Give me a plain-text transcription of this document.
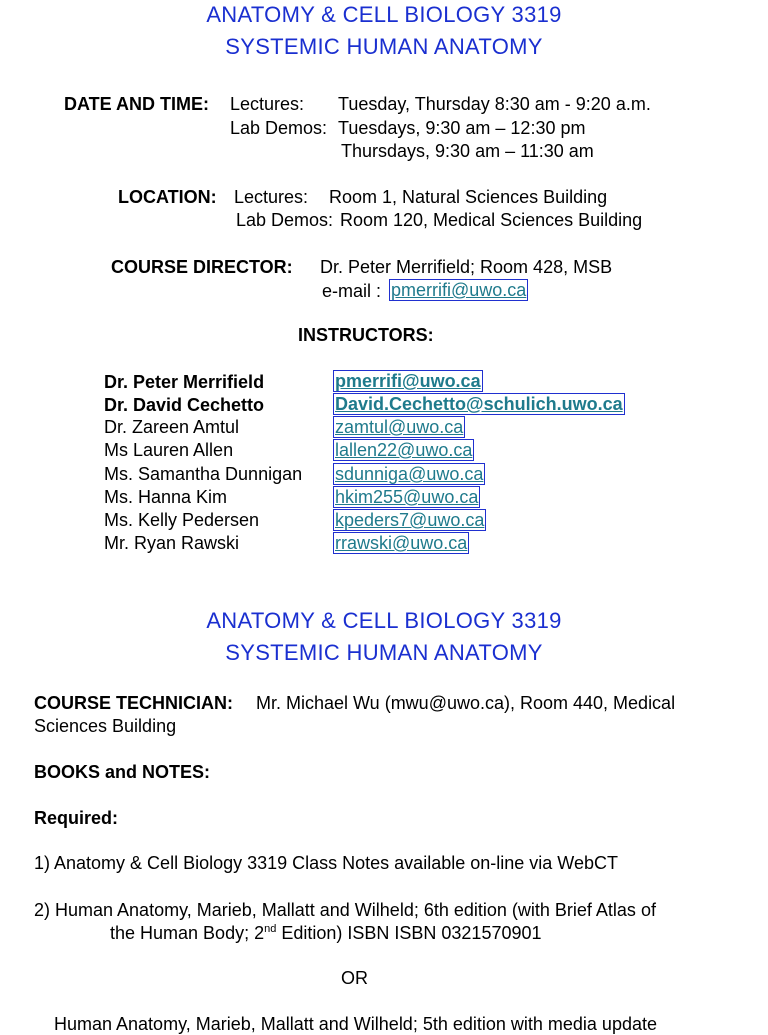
ANATOMY & CELL BIOLOGY 3319
SYSTEMIC HUMAN ANATOMY
DATE AND TIME: Lectures: Tuesday, Thursday 8:30 am - 9:20 a.m.
Lab Demos: Tuesdays, 9:30 am – 12:30 pm
Thursdays, 9:30 am – 11:30 am
LOCATION: Lectures: Room 1, Natural Sciences Building
Lab Demos: Room 120, Medical Sciences Building
COURSE DIRECTOR: Dr. Peter Merrifield; Room 428, MSB
e-mail : pmerrifi@uwo.ca
INSTRUCTORS:
Dr. Peter Merrifield	pmerrifi@uwo.ca
Dr. David Cechetto	David.Cechetto@schulich.uwo.ca
Dr. Zareen Amtul	zamtul@uwo.ca
Ms Lauren Allen	lallen22@uwo.ca
Ms. Samantha Dunnigan sdunniga@uwo.ca
Ms. Hanna Kim	hkim255@uwo.ca
Ms. Kelly Pedersen	kpeders7@uwo.ca
Mr. Ryan Rawski	rrawski@uwo.ca
ANATOMY & CELL BIOLOGY 3319
SYSTEMIC HUMAN ANATOMY
COURSE TECHNICIAN: Mr. Michael Wu (mwu@uwo.ca), Room 440, Medical
Sciences Building
BOOKS and NOTES:
Required:
1) Anatomy & Cell Biology 3319 Class Notes available on-line via WebCT
2) Human Anatomy, Marieb, Mallatt and Wilheld; 6th edition (with Brief Atlas of
the Human Body; 2nd Edition) ISBN ISBN 0321570901
OR
Human Anatomy, Marieb, Mallatt and Wilheld; 5th edition with media update
